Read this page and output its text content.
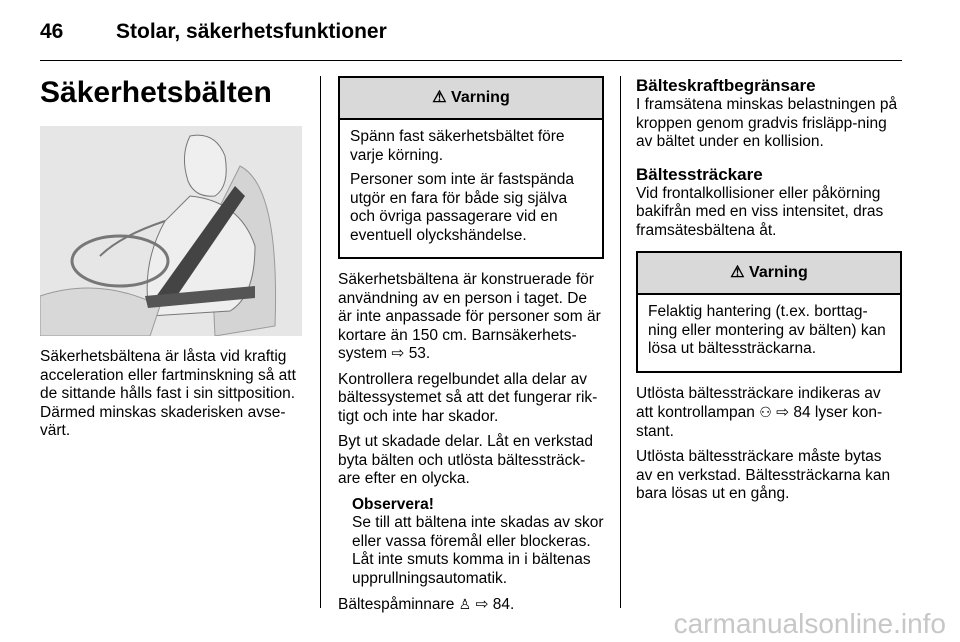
46	Stolar, säkerhetsfunktioner
Säkerhetsbälten

Säkerhetsbältena är låsta vid kraftig acceleration eller fartminskning så att de sittande hålls fast i sin sittposition. Därmed minskas skaderisken avse-värt.

⚠ Varning

Spänn fast säkerhetsbältet före varje körning.

Personer som inte är fastspända utgör en fara för både sig själva och övriga passagerare vid en eventuell olyckshändelse.

Säkerhetsbältena är konstruerade för användning av en person i taget. De är inte anpassade för personer som är kortare än 150 cm. Barnsäkerhets-system ⇨ 53.

Kontrollera regelbundet alla delar av bältessystemet så att det fungerar rik-tigt och inte har skador.

Byt ut skadade delar. Låt en verkstad byta bälten och utlösta bältessträck-are efter en olycka.

Observera!

Se till att bältena inte skadas av skor eller vassa föremål eller blockeras. Låt inte smuts komma in i bältenas upprullningsautomatik.

Bältespåminnare ♙ ⇨ 84.

Bälteskraftbegränsare

I framsätena minskas belastningen på kroppen genom gradvis frisläpp-ning av bältet under en kollision.

Bältessträckare

Vid frontalkollisioner eller påkörning bakifrån med en viss intensitet, dras framsätesbältena åt.

⚠ Varning

Felaktig hantering (t.ex. borttag-ning eller montering av bälten) kan lösa ut bältessträckarna.

Utlösta bältessträckare indikeras av att kontrollampan ⚇ ⇨ 84 lyser kon-stant.

Utlösta bältessträckare måste bytas av en verkstad. Bältessträckarna kan bara lösas ut en gång.

carmanualsonline.info
